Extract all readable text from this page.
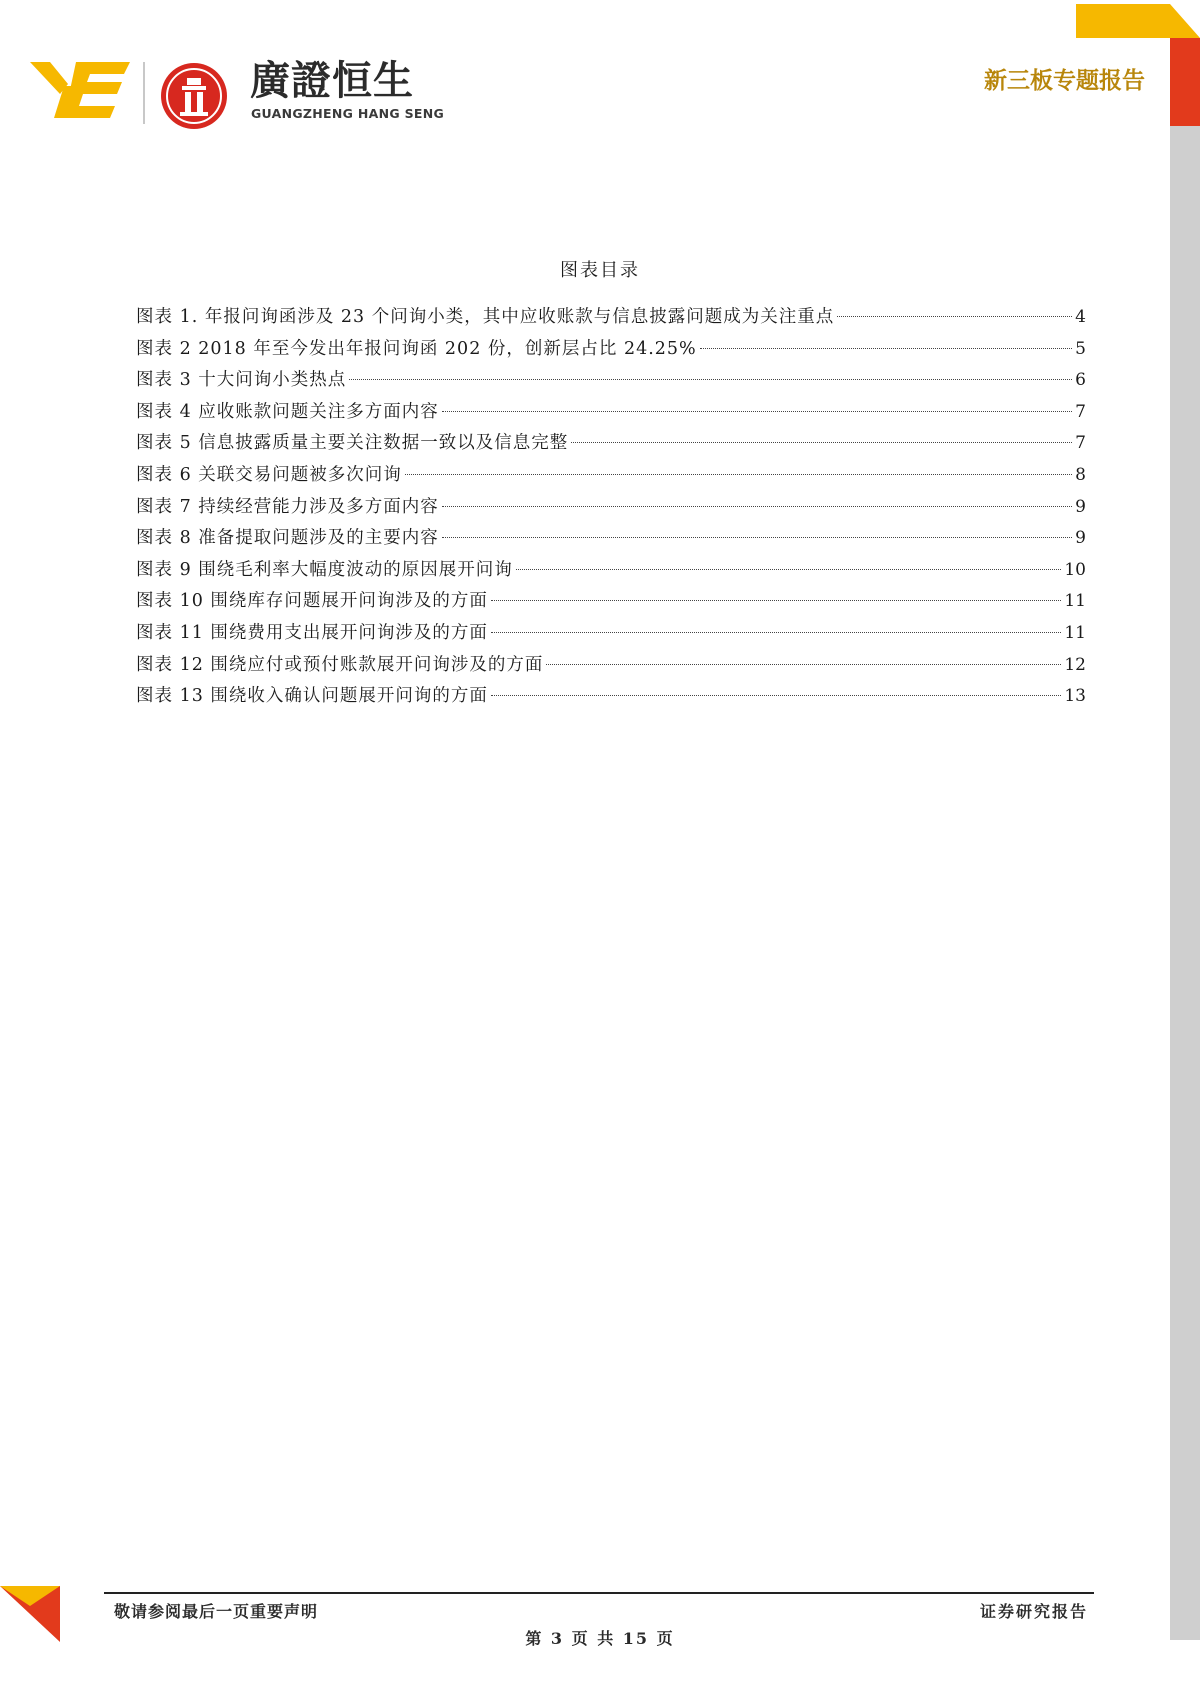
廣證恒生
GUANGZHENG HANG SENG
新三板专题报告
图表目录
图表 1. 年报问询函涉及 23 个问询小类，其中应收账款与信息披露问题成为关注重点	4
图表 2 2018 年至今发出年报问询函 202 份，创新层占比 24.25%	5
图表 3 十大问询小类热点	6
图表 4 应收账款问题关注多方面内容	7
图表 5 信息披露质量主要关注数据一致以及信息完整	7
图表 6 关联交易问题被多次问询	8
图表 7 持续经营能力涉及多方面内容	9
图表 8 准备提取问题涉及的主要内容	9
图表 9 围绕毛利率大幅度波动的原因展开问询	10
图表 10 围绕库存问题展开问询涉及的方面	11
图表 11 围绕费用支出展开问询涉及的方面	11
图表 12 围绕应付或预付账款展开问询涉及的方面	12
图表 13 围绕收入确认问题展开问询的方面	13
敬请参阅最后一页重要声明	证券研究报告
第 3 页 共 15 页
